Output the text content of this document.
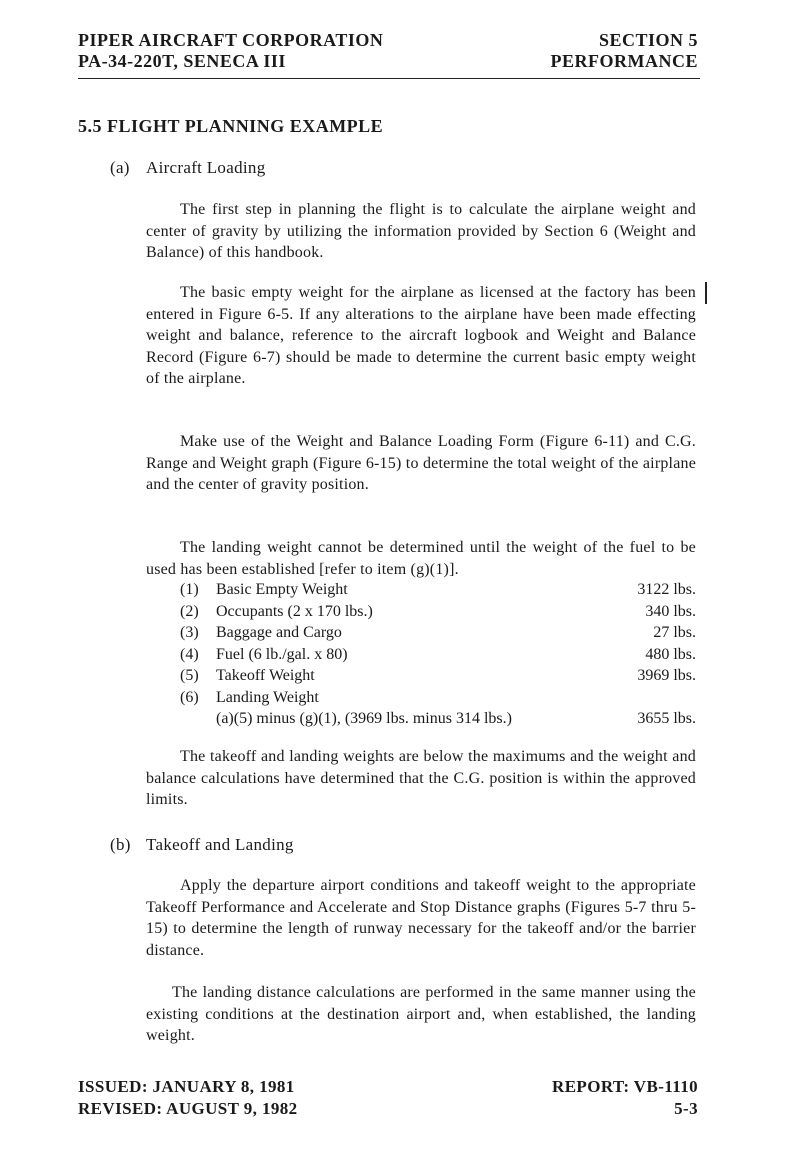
PIPER AIRCRAFT CORPORATION
PA-34-220T, SENECA III
SECTION 5
PERFORMANCE
5.5 FLIGHT PLANNING EXAMPLE
(a) Aircraft Loading
The first step in planning the flight is to calculate the airplane weight and center of gravity by utilizing the information provided by Section 6 (Weight and Balance) of this handbook.
The basic empty weight for the airplane as licensed at the factory has been entered in Figure 6-5. If any alterations to the airplane have been made effecting weight and balance, reference to the aircraft logbook and Weight and Balance Record (Figure 6-7) should be made to determine the current basic empty weight of the airplane.
Make use of the Weight and Balance Loading Form (Figure 6-11) and C.G. Range and Weight graph (Figure 6-15) to determine the total weight of the airplane and the center of gravity position.
The landing weight cannot be determined until the weight of the fuel to be used has been established [refer to item (g)(1)].
(1) Basic Empty Weight	3122 lbs.
(2) Occupants (2 x 170 lbs.)	340 lbs.
(3) Baggage and Cargo	27 lbs.
(4) Fuel (6 lb./gal. x 80)	480 lbs.
(5) Takeoff Weight	3969 lbs.
(6) Landing Weight
(a)(5) minus (g)(1), (3969 lbs. minus 314 lbs.)	3655 lbs.
The takeoff and landing weights are below the maximums and the weight and balance calculations have determined that the C.G. position is within the approved limits.
(b) Takeoff and Landing
Apply the departure airport conditions and takeoff weight to the appropriate Takeoff Performance and Accelerate and Stop Distance graphs (Figures 5-7 thru 5-15) to determine the length of runway necessary for the takeoff and/or the barrier distance.
The landing distance calculations are performed in the same manner using the existing conditions at the destination airport and, when established, the landing weight.
ISSUED: JANUARY 8, 1981
REVISED: AUGUST 9, 1982
REPORT: VB-1110
5-3
